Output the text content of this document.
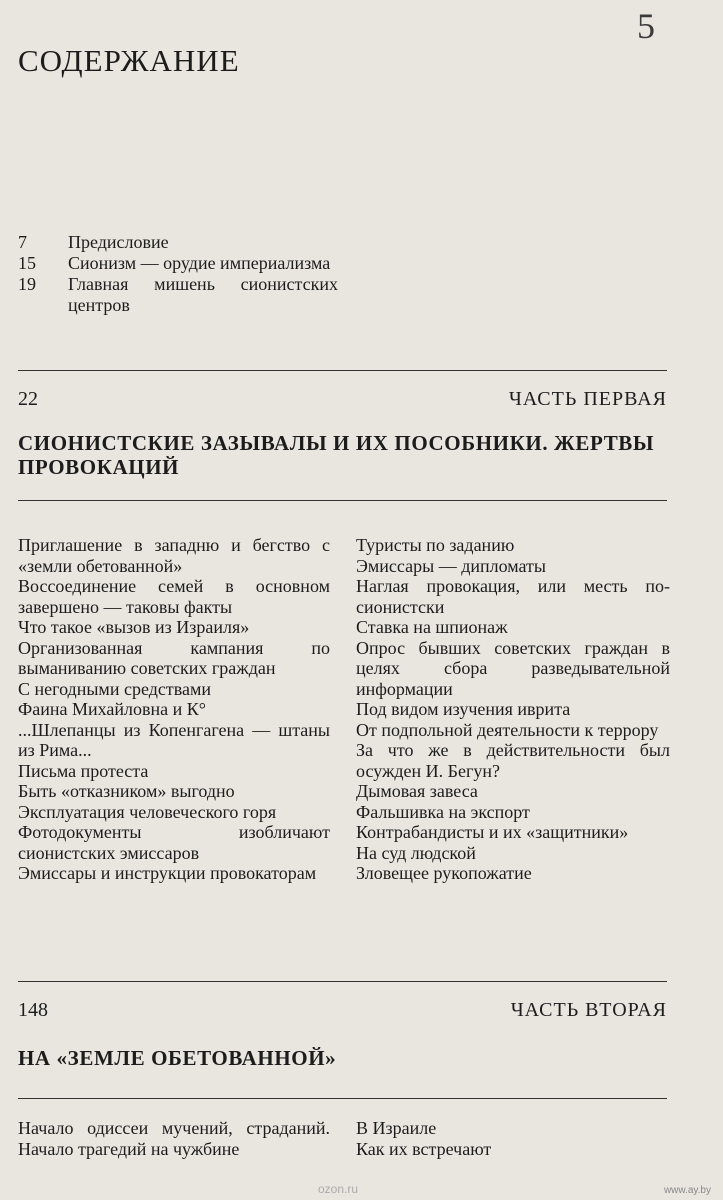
5
СОДЕРЖАНИЕ
7	Предисловие
15	Сионизм — орудие империализма
19	Главная мишень сионистских центров
22	ЧАСТЬ ПЕРВАЯ
СИОНИСТСКИЕ ЗАЗЫВАЛЫ И ИХ ПОСОБНИКИ. ЖЕРТВЫ ПРОВОКАЦИЙ
Приглашение в западню и бегство с «земли обетованной»
Воссоединение семей в основном завершено — таковы факты
Что такое «вызов из Израиля»
Организованная кампания по выманиванию советских граждан
С негодными средствами
Фаина Михайловна и К°
...Шлепанцы из Копенгагена — штаны из Рима...
Письма протеста
Быть «отказником» выгодно
Эксплуатация человеческого горя
Фотодокументы изобличают сионистских эмиссаров
Эмиссары и инструкции провокаторам
Туристы по заданию
Эмиссары — дипломаты
Наглая провокация, или месть по-сионистски
Ставка на шпионаж
Опрос бывших советских граждан в целях сбора разведывательной информации
Под видом изучения иврита
От подпольной деятельности к террору
За что же в действительности был осужден И. Бегун?
Дымовая завеса
Фальшивка на экспорт
Контрабандисты и их «защитники»
На суд людской
Зловещее рукопожатие
148	ЧАСТЬ ВТОРАЯ
НА «ЗЕМЛЕ ОБЕТОВАННОЙ»
Начало одиссеи мучений, страданий. Начало трагедий на чужбине
В Израиле
Как их встречают
ozon.ru	www.ay.by
